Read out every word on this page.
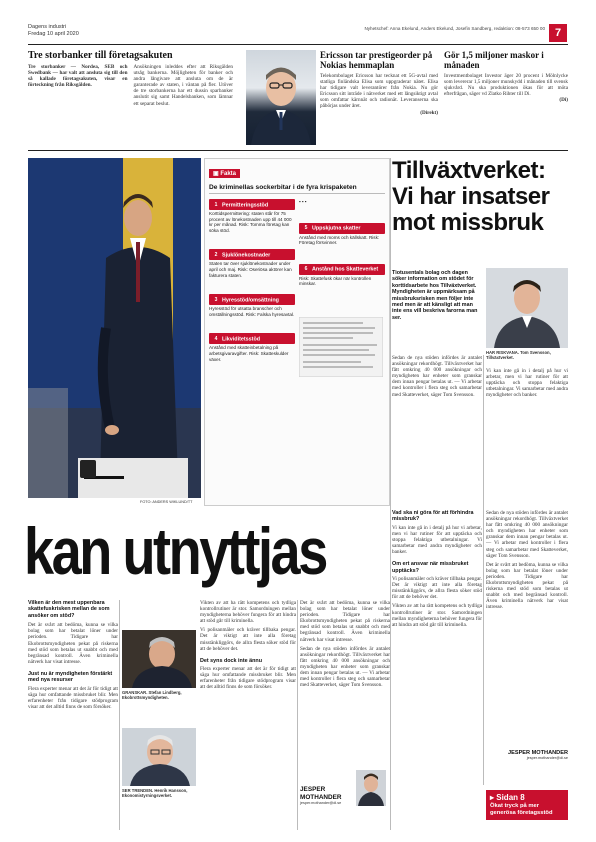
Dagens industri
Fredag 10 april 2020
Nyhetschef: Anna Ekelund, Anders Ekelund, Josefin Sandberg, redaktion: 08-573 650 00 7
Tre storbanker till företagsakuten
Tre storbanker — Nordea, SEB och Swedbank — har valt att ansluta sig till den så kallade företagsakuten, visar en förteckning från Riksgälden.
Ansökningen inleddes efter att Riksgälden utsåg bankerna. Möjligheten för banker och andra långivare att ansluta om de är garanterade av staten, i väntan på fler. Utöver de tre storbankerna har ett dussin sparbanker anslutit sig samt Handelsbanken, som lämnar ett separat beslut.
Ericsson tar prestigeorder på Nokias hemmaplan
Telekombolaget Ericsson har tecknat ett 5G-avtal med statliga finländska Elisa som uppgraderar nätet. Elisa har tidigare valt leverantörer från Nokia. Nu gör Ericsson sitt inträde i nätverket med ett långsiktigt avtal som omfattar kärnnät och radionät. Leveranserna ska påbörjas under året.
(Direkt)
Gör 1,5 miljoner maskor i månaden
Investmentbolaget Investor äger 20 procent i Mölnlycke som levererar 1,5 miljoner munskydd i månaden till svensk sjukvård. Nu ska produktionen ökas för att möta efterfrågan, säger vd Zlatko Rihter till Di.
(Di)
FOTO: ANDERS WIKLUND/TT
▣ Fakta
De kriminellas sockerbitar i de fyra krispaketen
1 Permitteringsstöd
Korttidspermittering: staten står för 75 procent av lönekostnaden upp till 44 000 kr per månad. Risk: Tomma företag kan söka stöd.
2 Sjuklönekostnader
Staten tar över sjuklönekostnader under april och maj. Risk: Oseriösa aktörer kan fakturera staten.
3 Hyresstöd/omsättning
Hyresstöd för utsatta branscher och omställningsstöd. Risk: Falska hyresavtal.
4 Likviditetsstöd
Anstånd med skatteinbetalning på arbetsgivaravgifter. Risk: Skatteskulder växer.
▪ ▪ ▪
5 Uppskjutna skatter
Anstånd med moms och källskatt. Risk: Företag försvinner.
6 Anstånd hos Skatteverket
Risk: Skattefusk ökar när kontrollen minskar.
Tillväxtverket: Vi har insatser mot missbruk
Tiotusentals bolag och dagen söker information om stödet för korttidsarbete hos Tillväxtverket. Myndigheten är uppmärksam på missbruksrisken men följer inte med men är att känsligt att man inte ens vill beskriva farorna man ser.
HAR RISKVANA. Tom Svensson, Tillväxtverket.
Sedan de nya stöden infördes är antalet ansökningar rekordhögt. Tillväxtverket har fått omkring 40 000 ansökningar och myndigheten har enheter som granskar dem innan pengar betalas ut. — Vi arbetar med kontroller i flera steg och samarbetar med Skatteverket, säger Tom Svensson.
Vi kan inte gå in i detalj på hur vi arbetar, men vi har rutiner för att upptäcka och stoppa felaktiga utbetalningar. Vi samarbetar med andra myndigheter och banker.
kan utnyttjas
Vilken är den mest uppenbara skattefuskrisken mellan de som ansöker om stöd?
Det är svårt att bedöma, kunna se vilka bolag som har betalat löner under perioden. Tidigare har Ekobrottsmyndigheten pekat på riskerna med stöd som betalas ut snabbt och med begränsad kontroll. Även kriminella nätverk har visat intresse.
Just nu är myndigheten förstärkt med nya resurser
Flera experter menar att det är för tidigt att säga hur omfattande missbruket blir. Men erfarenheter från tidigare stödprogram visar att det alltid finns de som försöker.
GRANSKAR. Stefan Lindberg, Ekobrottsmyndigheten.
SER TRENDEN. Henrik Hansson, Ekonomistyrningsverket.
Vikten av att ha rätt kompetens och tydliga kontrollrutiner är stor. Samordningen mellan myndigheterna behöver fungera för att hindra att stöd går till kriminella.
Vi polisanmäler och kräver tillbaka pengar. Det är viktigt att inte alla företag misstänkliggörs, de allra flesta söker stöd för att de behöver det.
Det syns dock inte ännu
Flera experter menar att det är för tidigt att säga hur omfattande missbruket blir. Men erfarenheter från tidigare stödprogram visar att det alltid finns de som försöker.
Det är svårt att bedöma, kunna se vilka bolag som har betalat löner under perioden. Tidigare har Ekobrottsmyndigheten pekat på riskerna med stöd som betalas ut snabbt och med begränsad kontroll. Även kriminella nätverk har visat intresse.
Sedan de nya stöden infördes är antalet ansökningar rekordhögt. Tillväxtverket har fått omkring 40 000 ansökningar och myndigheten har enheter som granskar dem innan pengar betalas ut. — Vi arbetar med kontroller i flera steg och samarbetar med Skatteverket, säger Tom Svensson.
JESPER MOTHANDER
jesper.mothander@di.se
Vad ska ni göra för att förhindra missbruk?
Vi kan inte gå in i detalj på hur vi arbetar, men vi har rutiner för att upptäcka och stoppa felaktiga utbetalningar. Vi samarbetar med andra myndigheter och banker.
Om ert ansvar när missbruket upptäcks?
Vi polisanmäler och kräver tillbaka pengar. Det är viktigt att inte alla företag misstänkliggörs, de allra flesta söker stöd för att de behöver det.
Vikten av att ha rätt kompetens och tydliga kontrollrutiner är stor. Samordningen mellan myndigheterna behöver fungera för att hindra att stöd går till kriminella.
Sedan de nya stöden infördes är antalet ansökningar rekordhögt. Tillväxtverket har fått omkring 40 000 ansökningar och myndigheten har enheter som granskar dem innan pengar betalas ut. — Vi arbetar med kontroller i flera steg och samarbetar med Skatteverket, säger Tom Svensson.
Det är svårt att bedöma, kunna se vilka bolag som har betalat löner under perioden. Tidigare har Ekobrottsmyndigheten pekat på riskerna med stöd som betalas ut snabbt och med begränsad kontroll. Även kriminella nätverk har visat intresse.
JESPER MOTHANDER
jesper.mothander@di.se
▸ Sidan 8
Ökat tryck på mer generösa företagsstöd
